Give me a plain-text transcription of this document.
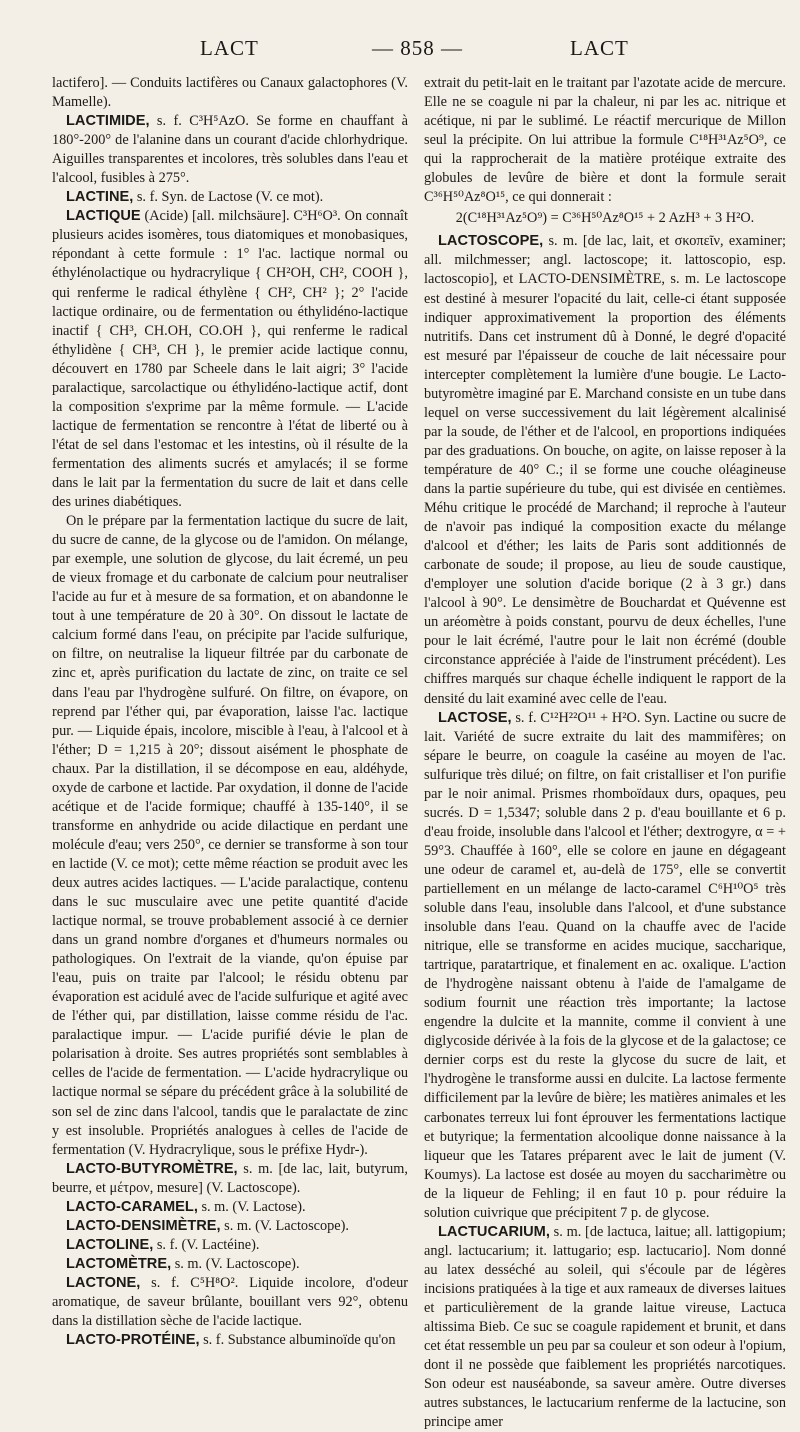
LACT	— 858 —	LACT

lactifero]. — Conduits lactifères ou Canaux galactophores (V. Mamelle).

LACTIMIDE, s. f. C³H⁵AzO. Se forme en chauffant à 180°-200° de l'alanine dans un courant d'acide chlorhydrique. Aiguilles transparentes et incolores, très solubles dans l'eau et l'alcool, fusibles à 275°.

LACTINE, s. f. Syn. de Lactose (V. ce mot).

LACTIQUE (Acide) [all. milchsäure]. C³H⁶O³. On connaît plusieurs acides isomères, tous diatomiques et monobasiques, répondant à cette formule : 1° l'ac. lactique normal ou éthylénolactique ou hydracrylique { CH²OH, CH², COOH }, qui renferme le radical éthylène { CH², CH² }; 2° l'acide lactique ordinaire, ou de fermentation ou éthylidéno-lactique inactif { CH³, CH.OH, CO.OH }, qui renferme le radical éthylidène { CH³, CH }, le premier acide lactique connu, découvert en 1780 par Scheele dans le lait aigri; 3° l'acide paralactique, sarcolactique ou éthylidéno-lactique actif, dont la composition s'exprime par la même formule. — L'acide lactique de fermentation se rencontre à l'état de liberté ou à l'état de sel dans l'estomac et les intestins, où il résulte de la fermentation des aliments sucrés et amylacés; il se forme dans le lait par la fermentation du sucre de lait et dans celle des urines diabétiques.

On le prépare par la fermentation lactique du sucre de lait, du sucre de canne, de la glycose ou de l'amidon. On mélange, par exemple, une solution de glycose, du lait écremé, un peu de vieux fromage et du carbonate de calcium pour neutraliser l'acide au fur et à mesure de sa formation, et on abandonne le tout à une température de 20 à 30°. On dissout le lactate de calcium formé dans l'eau, on précipite par l'acide sulfurique, on filtre, on neutralise la liqueur filtrée par du carbonate de zinc et, après purification du lactate de zinc, on traite ce sel dans l'eau par l'hydrogène sulfuré. On filtre, on évapore, on reprend par l'éther qui, par évaporation, laisse l'ac. lactique pur. — Liquide épais, incolore, miscible à l'eau, à l'alcool et à l'éther; D = 1,215 à 20°; dissout aisément le phosphate de chaux. Par la distillation, il se décompose en eau, aldéhyde, oxyde de carbone et lactide. Par oxydation, il donne de l'acide acétique et de l'acide formique; chauffé à 135-140°, il se transforme en anhydride ou acide dilactique en perdant une molécule d'eau; vers 250°, ce dernier se transforme à son tour en lactide (V. ce mot); cette même réaction se produit avec les deux autres acides lactiques. — L'acide paralactique, contenu dans le suc musculaire avec une petite quantité d'acide lactique normal, se trouve probablement associé à ce dernier dans un grand nombre d'organes et d'humeurs normales ou pathologiques. On l'extrait de la viande, qu'on épuise par l'eau, puis on traite par l'alcool; le résidu obtenu par évaporation est acidulé avec de l'acide sulfurique et agité avec de l'éther qui, par distillation, laisse comme résidu de l'ac. paralactique impur. — L'acide purifié dévie le plan de polarisation à droite. Ses autres propriétés sont semblables à celles de l'acide de fermentation. — L'acide hydracrylique ou lactique normal se sépare du précédent grâce à la solubilité de son sel de zinc dans l'alcool, tandis que le paralactate de zinc y est insoluble. Propriétés analogues à celles de l'acide de fermentation (V. Hydracrylique, sous le préfixe Hydr-).

LACTO-BUTYROMÈTRE, s. m. [de lac, lait, butyrum, beurre, et μέτρον, mesure] (V. Lactoscope).

LACTO-CARAMEL, s. m. (V. Lactose).

LACTO-DENSIMÈTRE, s. m. (V. Lactoscope).

LACTOLINE, s. f. (V. Lactéine).

LACTOMÈTRE, s. m. (V. Lactoscope).

LACTONE, s. f. C⁵H⁸O². Liquide incolore, d'odeur aromatique, de saveur brûlante, bouillant vers 92°, obtenu dans la distillation sèche de l'acide lactique.

LACTO-PROTÉINE, s. f. Substance albuminoïde qu'on

extrait du petit-lait en le traitant par l'azotate acide de mercure. Elle ne se coagule ni par la chaleur, ni par les ac. nitrique et acétique, ni par le sublimé. Le réactif mercurique de Millon seul la précipite. On lui attribue la formule C¹⁸H³¹Az⁵O⁹, ce qui la rapprocherait de la matière protéique extraite des globules de levûre de bière et dont la formule serait C³⁶H⁵⁰Az⁸O¹⁵, ce qui donnerait :

2(C¹⁸H³¹Az⁵O⁹) = C³⁶H⁵⁰Az⁸O¹⁵ + 2 AzH³ + 3 H²O.

LACTOSCOPE, s. m. [de lac, lait, et σκοπεῖν, examiner; all. milchmesser; angl. lactoscope; it. lattoscopio, esp. lactoscopio], et LACTO-DENSIMÈTRE, s. m. Le lactoscope est destiné à mesurer l'opacité du lait, celle-ci étant supposée indiquer approximativement la proportion des éléments nutritifs. Dans cet instrument dû à Donné, le degré d'opacité est mesuré par l'épaisseur de couche de lait nécessaire pour intercepter complètement la lumière d'une bougie. Le Lacto-butyromètre imaginé par E. Marchand consiste en un tube dans lequel on verse successivement du lait légèrement alcalinisé par la soude, de l'éther et de l'alcool, en proportions indiquées par des graduations. On bouche, on agite, on laisse reposer à la température de 40° C.; il se forme une couche oléagineuse dans la partie supérieure du tube, qui est divisée en centièmes. Méhu critique le procédé de Marchand; il reproche à l'auteur de n'avoir pas indiqué la composition exacte du mélange d'alcool et d'éther; les laits de Paris sont additionnés de carbonate de soude; il propose, au lieu de soude caustique, d'employer une solution d'acide borique (2 à 3 gr.) dans l'alcool à 90°. Le densimètre de Bouchardat et Quévenne est un aréomètre à poids constant, pourvu de deux échelles, l'une pour le lait écrémé, l'autre pour le lait non écrémé (double circonstance appréciée à l'aide de l'instrument précédent). Les chiffres marqués sur chaque échelle indiquent le rapport de la densité du lait examiné avec celle de l'eau.

LACTOSE, s. f. C¹²H²²O¹¹ + H²O. Syn. Lactine ou sucre de lait. Variété de sucre extraite du lait des mammifères; on sépare le beurre, on coagule la caséine au moyen de l'ac. sulfurique très dilué; on filtre, on fait cristalliser et l'on purifie par le noir animal. Prismes rhomboïdaux durs, opaques, peu sucrés. D = 1,5347; soluble dans 2 p. d'eau bouillante et 6 p. d'eau froide, insoluble dans l'alcool et l'éther; dextrogyre, α = + 59°3. Chauffée à 160°, elle se colore en jaune en dégageant une odeur de caramel et, au-delà de 175°, elle se convertit partiellement en un mélange de lacto-caramel C⁶H¹⁰O⁵ très soluble dans l'eau, insoluble dans l'alcool, et d'une substance insoluble dans l'eau. Quand on la chauffe avec de l'acide nitrique, elle se transforme en acides mucique, saccharique, tartrique, paratartrique, et finalement en ac. oxalique. L'action de l'hydrogène naissant obtenu à l'aide de l'amalgame de sodium fournit une réaction très importante; la lactose engendre la dulcite et la mannite, comme il convient à une diglycoside dérivée à la fois de la glycose et de la galactose; ce dernier corps est du reste la glycose du sucre de lait, et l'hydrogène le transforme aussi en dulcite. La lactose fermente difficilement par la levûre de bière; les matières animales et les carbonates terreux lui font éprouver les fermentations lactique et butyrique; la fermentation alcoolique donne naissance à la liqueur que les Tatares préparent avec le lait de jument (V. Koumys). La lactose est dosée au moyen du saccharimètre ou de la liqueur de Fehling; il en faut 10 p. pour réduire la solution cuivrique que précipitent 7 p. de glycose.

LACTUCARIUM, s. m. [de lactuca, laitue; all. lattigopium; angl. lactucarium; it. lattugario; esp. lactucario]. Nom donné au latex desséché au soleil, qui s'écoule par de légères incisions pratiquées à la tige et aux rameaux de diverses laitues et particulièrement de la grande laitue vireuse, Lactuca altissima Bieb. Ce suc se coagule rapidement et brunit, et dans cet état ressemble un peu par sa couleur et son odeur à l'opium, dont il ne possède que faiblement les propriétés narcotiques. Son odeur est nauséabonde, sa saveur amère. Outre diverses autres substances, le lactucarium renferme de la lactucine, son principe amer
